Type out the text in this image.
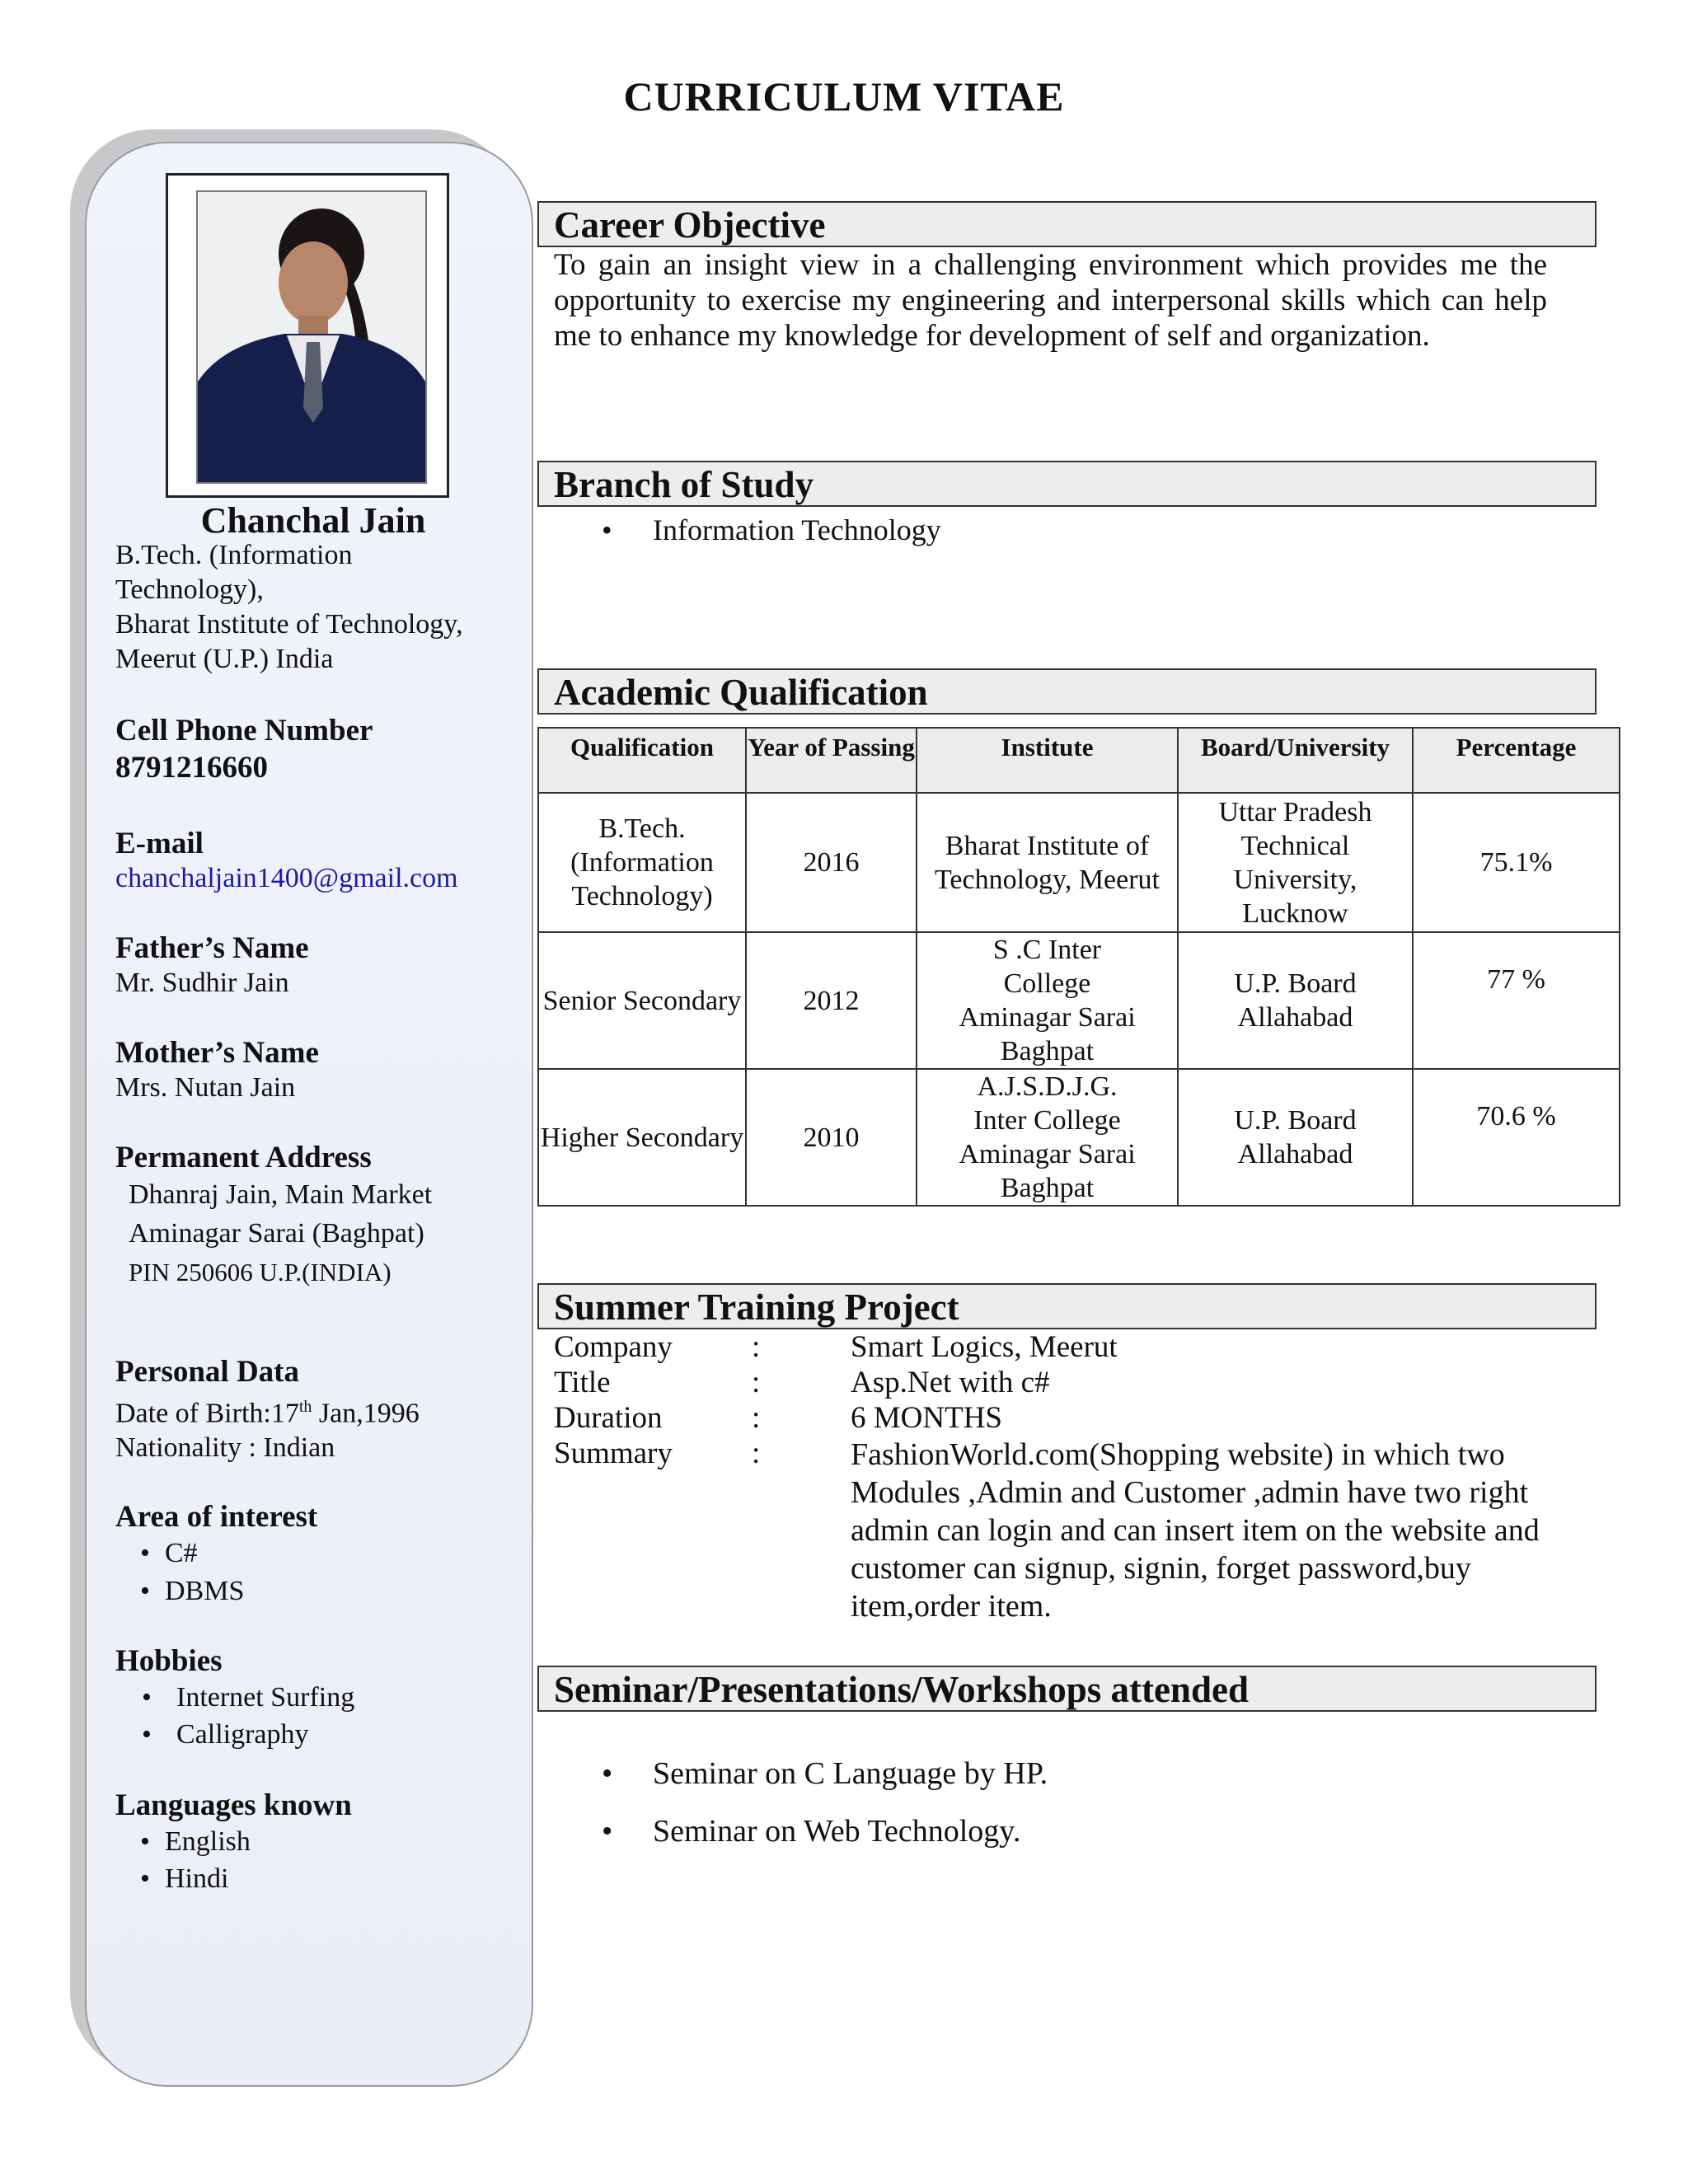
CURRICULUM VITAE
Chanchal Jain
B.Tech. (Information
Technology),
Bharat Institute of Technology,
Meerut (U.P.) India
Cell Phone Number
8791216660
E-mail
chanchaljain1400@gmail.com
Father’s Name
Mr. Sudhir Jain
Mother’s Name
Mrs. Nutan Jain
Permanent Address
Dhanraj Jain, Main Market
Aminagar Sarai (Baghpat)
PIN 250606 U.P.(INDIA)
Personal Data
Date of Birth:17th Jan,1996
Nationality : Indian
Area of interest
• C#
• DBMS
Hobbies
• Internet Surfing
• Calligraphy
Languages known
• English
• Hindi
Career Objective
To gain an insight view in a challenging environment which provides me the opportunity to exercise my engineering and interpersonal skills which can help me to enhance my knowledge for development of self and organization.
Branch of Study
• Information Technology
Academic Qualification
Qualification	Year of Passing	Institute	Board/University	Percentage
B.Tech. (Information Technology)	2016	Bharat Institute of Technology, Meerut	Uttar Pradesh Technical University, Lucknow	75.1%
Senior Secondary	2012	S .C Inter College Aminagar Sarai Baghpat	U.P. Board Allahabad	77 %
Higher Secondary	2010	A.J.S.D.J.G. Inter College Aminagar Sarai Baghpat	U.P. Board Allahabad	70.6 %
Summer Training Project
Company	:	Smart Logics, Meerut
Title	:	Asp.Net with c#
Duration	:	6 MONTHS
Summary	:	FashionWorld.com(Shopping website) in which two Modules ,Admin and Customer ,admin have two right admin can login and can insert item on the website and customer can signup, signin, forget password,buy item,order item.
Seminar/Presentations/Workshops attended
• Seminar on C Language by HP.
• Seminar on Web Technology.
